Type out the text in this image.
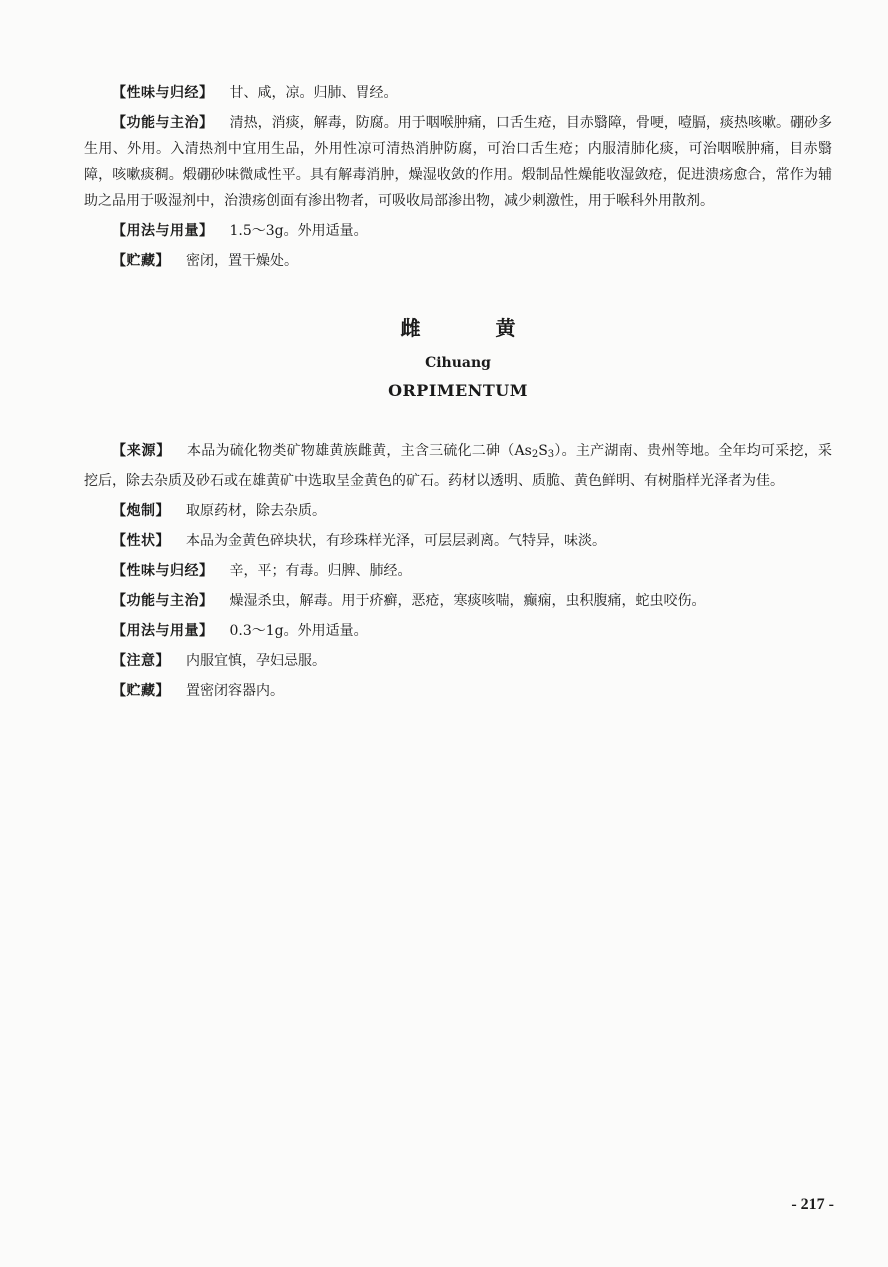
【性味与归经】 甘、咸，凉。归肺、胃经。

【功能与主治】 清热，消痰，解毒，防腐。用于咽喉肿痛，口舌生疮，目赤翳障，骨哽，噎膈，痰热咳嗽。硼砂多生用、外用。入清热剂中宜用生品，外用性凉可清热消肿防腐，可治口舌生疮；内服清肺化痰，可治咽喉肿痛，目赤翳障，咳嗽痰稠。煅硼砂味微咸性平。具有解毒消肿，燥湿收敛的作用。煅制品性燥能收湿敛疮，促进溃疡愈合，常作为辅助之品用于吸湿剂中，治溃疡创面有渗出物者，可吸收局部渗出物，减少刺激性，用于喉科外用散剂。

【用法与用量】 1.5～3g。外用适量。

【贮藏】 密闭，置干燥处。

雌 黄
Cihuang
ORPIMENTUM

【来源】 本品为硫化物类矿物雄黄族雌黄，主含三硫化二砷$(As_2S_3)$。主产湖南、贵州等地。全年均可采挖，采挖后，除去杂质及砂石或在雄黄矿中选取呈金黄色的矿石。药材以透明、质脆、黄色鲜明、有树脂样光泽者为佳。

【炮制】 取原药材，除去杂质。

【性状】 本品为金黄色碎块状，有珍珠样光泽，可层层剥离。气特异，味淡。

【性味与归经】 辛，平；有毒。归脾、肺经。

【功能与主治】 燥湿杀虫，解毒。用于疥癣，恶疮，寒痰咳喘，癫痫，虫积腹痛，蛇虫咬伤。

【用法与用量】 0.3～1g。外用适量。

【注意】 内服宜慎，孕妇忌服。

【贮藏】 置密闭容器内。

- 217 -
